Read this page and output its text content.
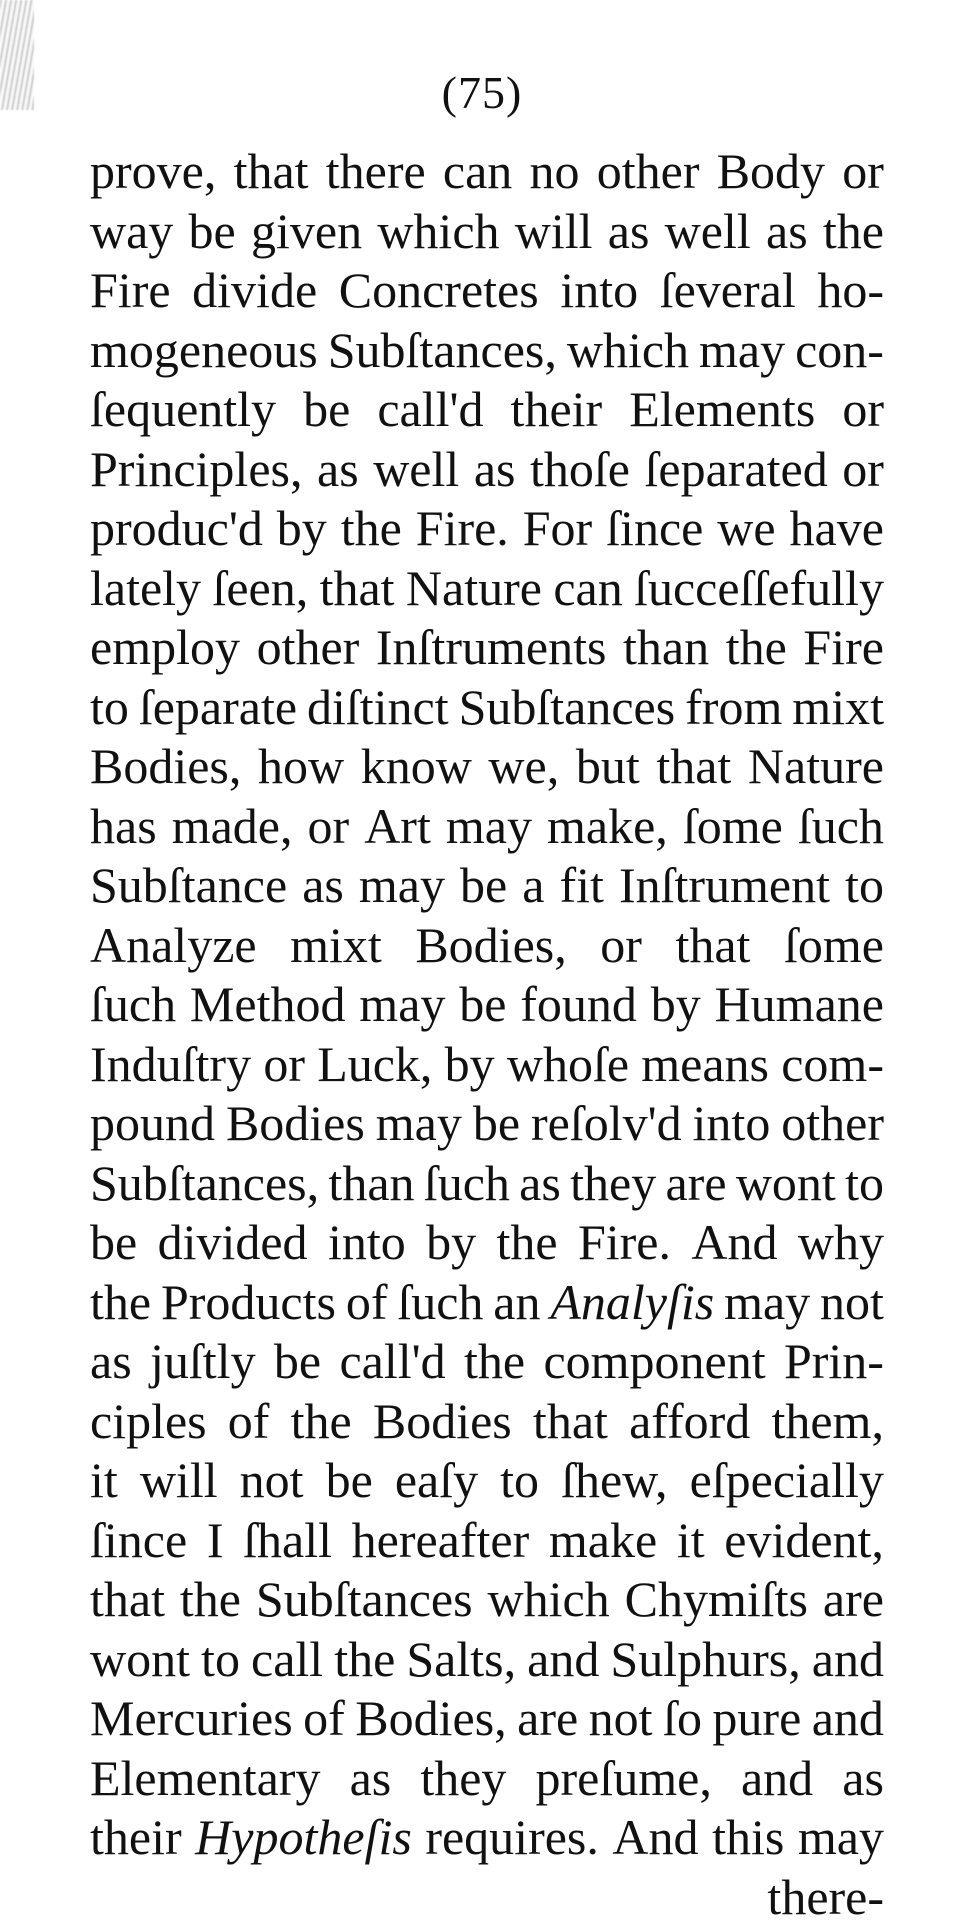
(75)
prove, that there can no other Body or
way be given which will as well as the
Fire divide Concretes into ſeveral ho-
mogeneous Subſtances, which may con-
ſequently be call'd their Elements or
Principles, as well as thoſe ſeparated or
produc'd by the Fire. For ſince we have
lately ſeen, that Nature can ſucceſſefully
employ other Inſtruments than the Fire
to ſeparate diſtinct Subſtances from mixt
Bodies, how know we, but that Nature
has made, or Art may make, ſome ſuch
Subſtance as may be a fit Inſtrument to
Analyze mixt Bodies, or that ſome
ſuch Method may be found by Humane
Induſtry or Luck, by whoſe means com-
pound Bodies may be reſolv'd into other
Subſtances, than ſuch as they are wont to
be divided into by the Fire. And why
the Products of ſuch an Analyſis may not
as juſtly be call'd the component Prin-
ciples of the Bodies that afford them,
it will not be eaſy to ſhew, eſpecially
ſince I ſhall hereafter make it evident,
that the Subſtances which Chymiſts are
wont to call the Salts, and Sulphurs, and
Mercuries of Bodies, are not ſo pure and
Elementary as they preſume, and as
their Hypotheſis requires. And this may
there-
